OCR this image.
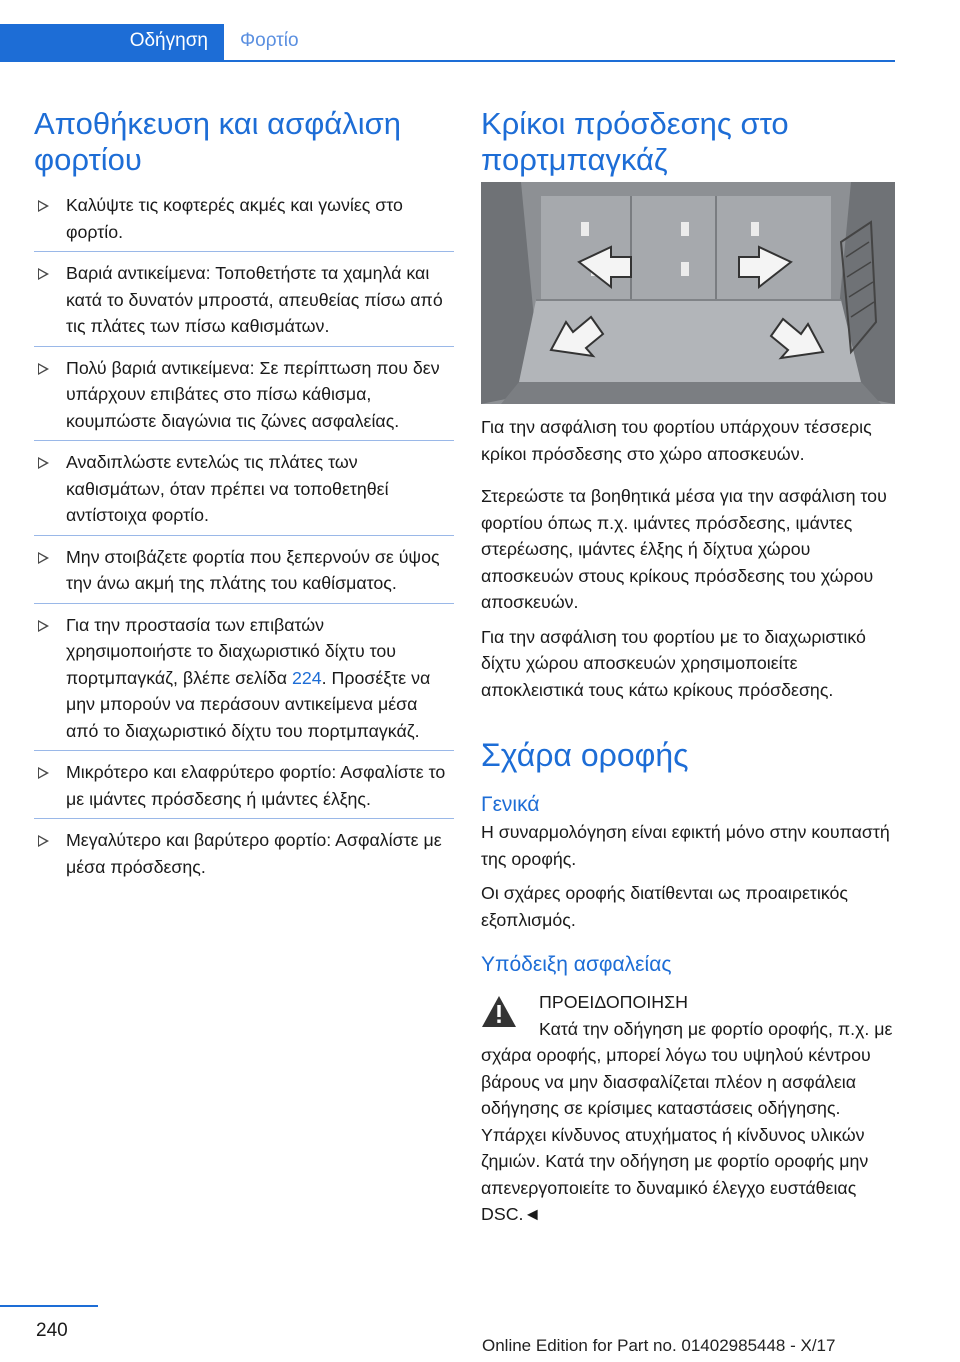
Οδήγηση Φορτίο
Αποθήκευση και ασφάλιση φορτίου
Καλύψτε τις κοφτερές ακμές και γωνίες στο φορτίο.
Βαριά αντικείμενα: Τοποθετήστε τα χαμηλά και κατά το δυνατόν μπροστά, απευθείας πίσω από τις πλάτες των πίσω καθισμάτων.
Πολύ βαριά αντικείμενα: Σε περίπτωση που δεν υπάρχουν επιβάτες στο πίσω κάθισμα, κουμπώστε διαγώνια τις ζώνες ασφαλείας.
Αναδιπλώστε εντελώς τις πλάτες των καθισμάτων, όταν πρέπει να τοποθετηθεί αντίστοιχα φορτίο.
Μην στοιβάζετε φορτία που ξεπερνούν σε ύψος την άνω ακμή της πλάτης του καθίσματος.
Για την προστασία των επιβατών χρησιμοποιήστε το διαχωριστικό δίχτυ του πορτμπαγκάζ, βλέπε σελίδα 224. Προσέξτε να μην μπορούν να περάσουν αντικείμενα μέσα από το διαχωριστικό δίχτυ του πορτμπαγκάζ.
Μικρότερο και ελαφρύτερο φορτίο: Ασφαλίστε το με ιμάντες πρόσδεσης ή ιμάντες έλξης.
Μεγαλύτερο και βαρύτερο φορτίο: Ασφαλίστε με μέσα πρόσδεσης.
Κρίκοι πρόσδεσης στο πορτμπαγκάζ

Για την ασφάλιση του φορτίου υπάρχουν τέσσερις κρίκοι πρόσδεσης στο χώρο αποσκευών.

Στερεώστε τα βοηθητικά μέσα για την ασφάλιση του φορτίου όπως π.χ. ιμάντες πρόσδεσης, ιμάντες στερέωσης, ιμάντες έλξης ή δίχτυα χώρου αποσκευών στους κρίκους πρόσδεσης του χώρου αποσκευών.

Για την ασφάλιση του φορτίου με το διαχωριστικό δίχτυ χώρου αποσκευών χρησιμοποιείτε αποκλειστικά τους κάτω κρίκους πρόσδεσης.

Σχάρα οροφής
Γενικά

Η συναρμολόγηση είναι εφικτή μόνο στην κουπαστή της οροφής.

Οι σχάρες οροφής διατίθενται ως προαιρετικός εξοπλισμός.

Υπόδειξη ασφαλείας

ΠΡΟΕΙΔΟΠΟΙΗΣΗ

Κατά την οδήγηση με φορτίο οροφής, π.χ. με σχάρα οροφής, μπορεί λόγω του υψηλού κέντρου βάρους να μην διασφαλίζεται πλέον η ασφάλεια οδήγησης σε κρίσιμες καταστάσεις οδήγησης. Υπάρχει κίνδυνος ατυχήματος ή κίνδυνος υλικών ζημιών. Κατά την οδήγηση με φορτίο οροφής μην απενεργοποιείτε το δυναμικό έλεγχο ευστάθειας DSC.◄

240
Online Edition for Part no. 01402985448 - X/17
